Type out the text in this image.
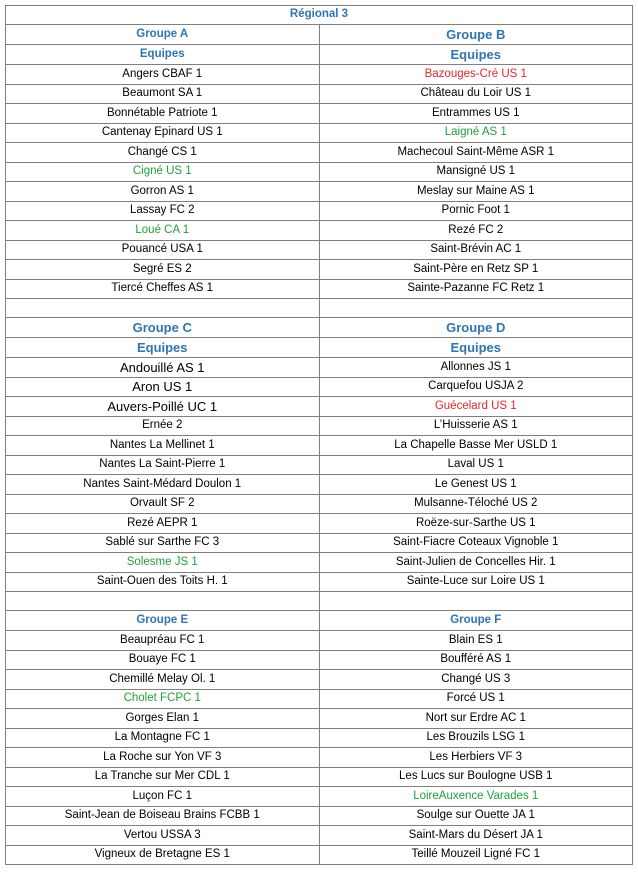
Régional 3	
Groupe A	Groupe B
Equipes	Equipes
Angers CBAF 1	Bazouges-Cré US 1
Beaumont SA 1	Château du Loir US 1
Bonnétable Patriote 1	Entrammes US 1
Cantenay Epinard US 1	Laigné AS 1
Changé CS 1	Machecoul Saint-Même ASR 1
Cigné US 1	Mansigné US 1
Gorron AS 1	Meslay sur Maine AS 1
Lassay FC 2	Pornic Foot 1
Loué CA 1	Rezé FC 2
Pouancé USA 1	Saint-Brévin AC 1
Segré ES 2	Saint-Père en Retz SP 1
Tiercé Cheffes AS 1	Sainte-Pazanne FC Retz 1

Groupe C	Groupe D
Equipes	Equipes
Andouillé AS 1	Allonnes JS 1
Aron US 1	Carquefou USJA 2
Auvers-Poillé UC 1	Guécelard US 1
Ernée 2	L’Huisserie AS 1
Nantes La Mellinet 1	La Chapelle Basse Mer USLD 1
Nantes La Saint-Pierre 1	Laval US 1
Nantes Saint-Médard Doulon 1	Le Genest US 1
Orvault SF 2	Mulsanne-Téloché US 2
Rezé AEPR 1	Roëze-sur-Sarthe US 1
Sablé sur Sarthe FC 3	Saint-Fiacre Coteaux Vignoble 1
Solesme JS 1	Saint-Julien de Concelles Hir. 1
Saint-Ouen des Toits H. 1	Sainte-Luce sur Loire US 1

Groupe E	Groupe F
Beaupréau FC 1	Blain ES 1
Bouaye FC 1	Boufféré AS 1
Chemillé Melay Ol. 1	Changé US 3
Cholet FCPC 1	Forcé US 1
Gorges Elan 1	Nort sur Erdre AC 1
La Montagne FC 1	Les Brouzils LSG 1
La Roche sur Yon VF 3	Les Herbiers VF 3
La Tranche sur Mer CDL 1	Les Lucs sur Boulogne USB 1
Luçon FC 1	LoireAuxence Varades 1
Saint-Jean de Boiseau Brains FCBB 1	Soulge sur Ouette JA 1
Vertou USSA 3	Saint-Mars du Désert JA 1
Vigneux de Bretagne ES 1	Teillé Mouzeil Ligné FC 1
